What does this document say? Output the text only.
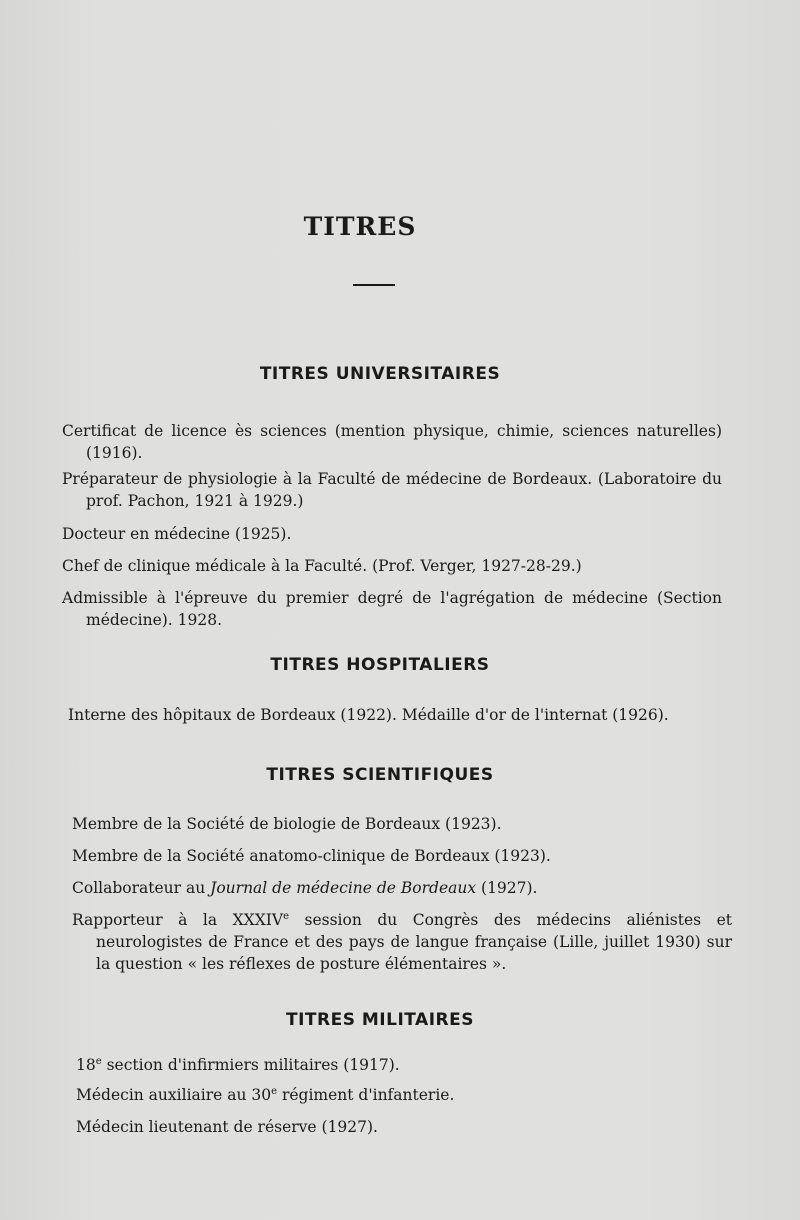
TITRES
TITRES UNIVERSITAIRES
Certificat de licence ès sciences (mention physique, chimie, sciences naturelles) (1916).
Préparateur de physiologie à la Faculté de médecine de Bordeaux. (Laboratoire du prof. Pachon, 1921 à 1929.)
Docteur en médecine (1925).
Chef de clinique médicale à la Faculté. (Prof. Verger, 1927-28-29.)
Admissible à l'épreuve du premier degré de l'agrégation de médecine (Section médecine). 1928.
TITRES HOSPITALIERS
Interne des hôpitaux de Bordeaux (1922). Médaille d'or de l'internat (1926).
TITRES SCIENTIFIQUES
Membre de la Société de biologie de Bordeaux (1923).
Membre de la Société anatomo-clinique de Bordeaux (1923).
Collaborateur au Journal de médecine de Bordeaux (1927).
Rapporteur à la XXXIVe session du Congrès des médecins aliénistes et neurologistes de France et des pays de langue française (Lille, juillet 1930) sur la question « les réflexes de posture élémentaires ».
TITRES MILITAIRES
18e section d'infirmiers militaires (1917).
Médecin auxiliaire au 30e régiment d'infanterie.
Médecin lieutenant de réserve (1927).
